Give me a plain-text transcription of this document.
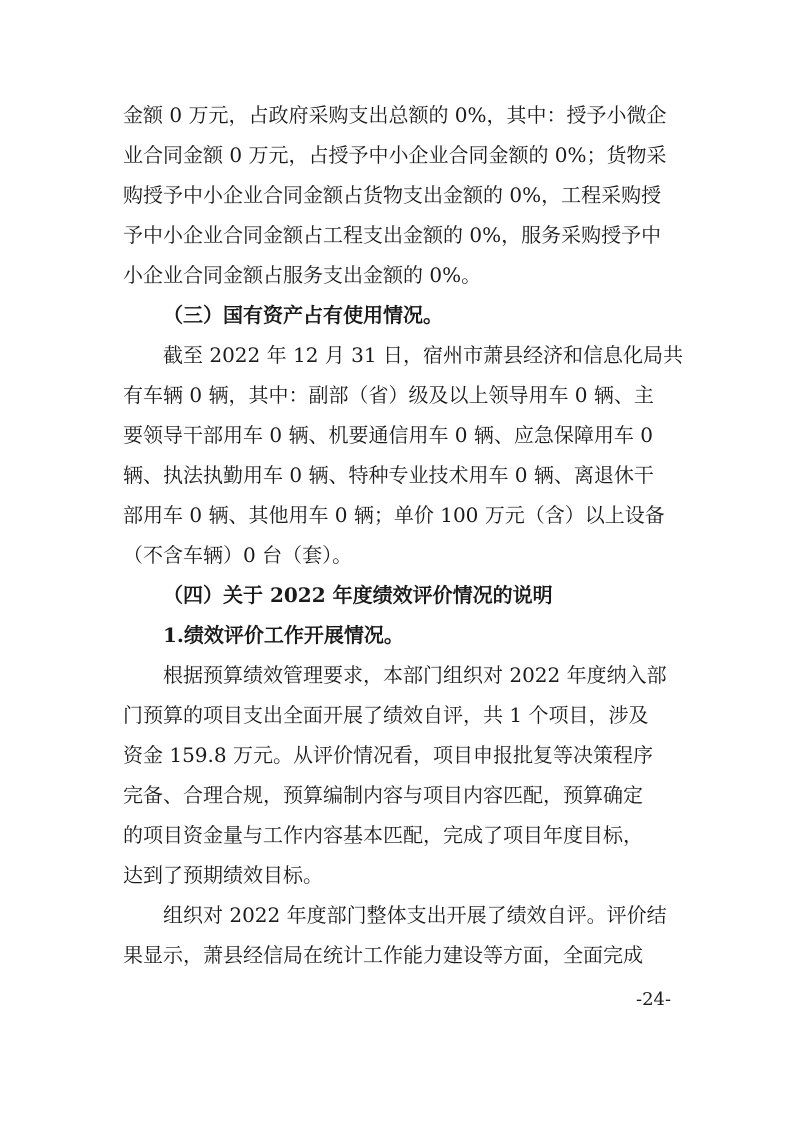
金额 0 万元，占政府采购支出总额的 0%，其中：授予小微企
业合同金额 0 万元，占授予中小企业合同金额的 0%；货物采
购授予中小企业合同金额占货物支出金额的 0%，工程采购授
予中小企业合同金额占工程支出金额的 0%，服务采购授予中
小企业合同金额占服务支出金额的 0%。
（三）国有资产占有使用情况。
截至 2022 年 12 月 31 日，宿州市萧县经济和信息化局共
有车辆 0 辆，其中：副部（省）级及以上领导用车 0 辆、主
要领导干部用车 0 辆、机要通信用车 0 辆、应急保障用车 0
辆、执法执勤用车 0 辆、特种专业技术用车 0 辆、离退休干
部用车 0 辆、其他用车 0 辆；单价 100 万元（含）以上设备
（不含车辆）0 台（套）。
（四）关于 2022 年度绩效评价情况的说明
1.绩效评价工作开展情况。
根据预算绩效管理要求，本部门组织对 2022 年度纳入部
门预算的项目支出全面开展了绩效自评，共 1 个项目，涉及
资金 159.8 万元。从评价情况看，项目申报批复等决策程序
完备、合理合规，预算编制内容与项目内容匹配，预算确定
的项目资金量与工作内容基本匹配，完成了项目年度目标，
达到了预期绩效目标。
组织对 2022 年度部门整体支出开展了绩效自评。评价结
果显示，萧县经信局在统计工作能力建设等方面，全面完成
-24-
